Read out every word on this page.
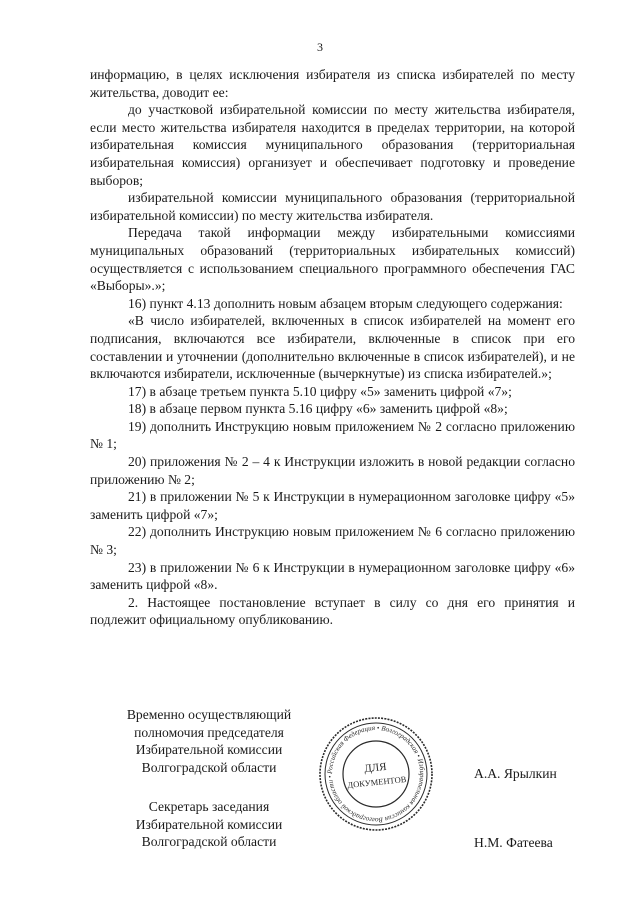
3

информацию, в целях исключения избирателя из списка избирателей по месту жительства, доводит ее:

до участковой избирательной комиссии по месту жительства избирателя, если место жительства избирателя находится в пределах территории, на которой избирательная комиссия муниципального образования (территориальная избирательная комиссия) организует и обеспечивает подготовку и проведение выборов;

избирательной комиссии муниципального образования (территориальной избирательной комиссии) по месту жительства избирателя.

Передача такой информации между избирательными комиссиями муниципальных образований (территориальных избирательных комиссий) осуществляется с использованием специального программного обеспечения ГАС «Выборы».»;

16) пункт 4.13 дополнить новым абзацем вторым следующего содержания:

«В число избирателей, включенных в список избирателей на момент его подписания, включаются все избиратели, включенные в список при его составлении и уточнении (дополнительно включенные в список избирателей), и не включаются избиратели, исключенные (вычеркнутые) из списка избирателей.»;

17) в абзаце третьем пункта 5.10 цифру «5» заменить цифрой «7»;

18) в абзаце первом пункта 5.16 цифру «6» заменить цифрой «8»;

19) дополнить Инструкцию новым приложением № 2 согласно приложению № 1;

20) приложения № 2 – 4 к Инструкции изложить в новой редакции согласно приложению № 2;

21) в приложении № 5 к Инструкции в нумерационном заголовке цифру «5» заменить цифрой «7»;

22) дополнить Инструкцию новым приложением № 6 согласно приложению № 3;

23) в приложении № 6 к Инструкции в нумерационном заголовке цифру «6» заменить цифрой «8».

2. Настоящее постановление вступает в силу со дня его принятия и подлежит официальному опубликованию.

Временно осуществляющий
полномочия председателя
Избирательной комиссии
Волгоградской области	А.А. Ярылкин
Секретарь заседания
Избирательной комиссии
Волгоградской области	Н.М. Фатеева
Российская Федерация • Волгоградская • Избирательная комиссия Волгоградской области •
ДЛЯ
ДОКУМЕНТОВ
